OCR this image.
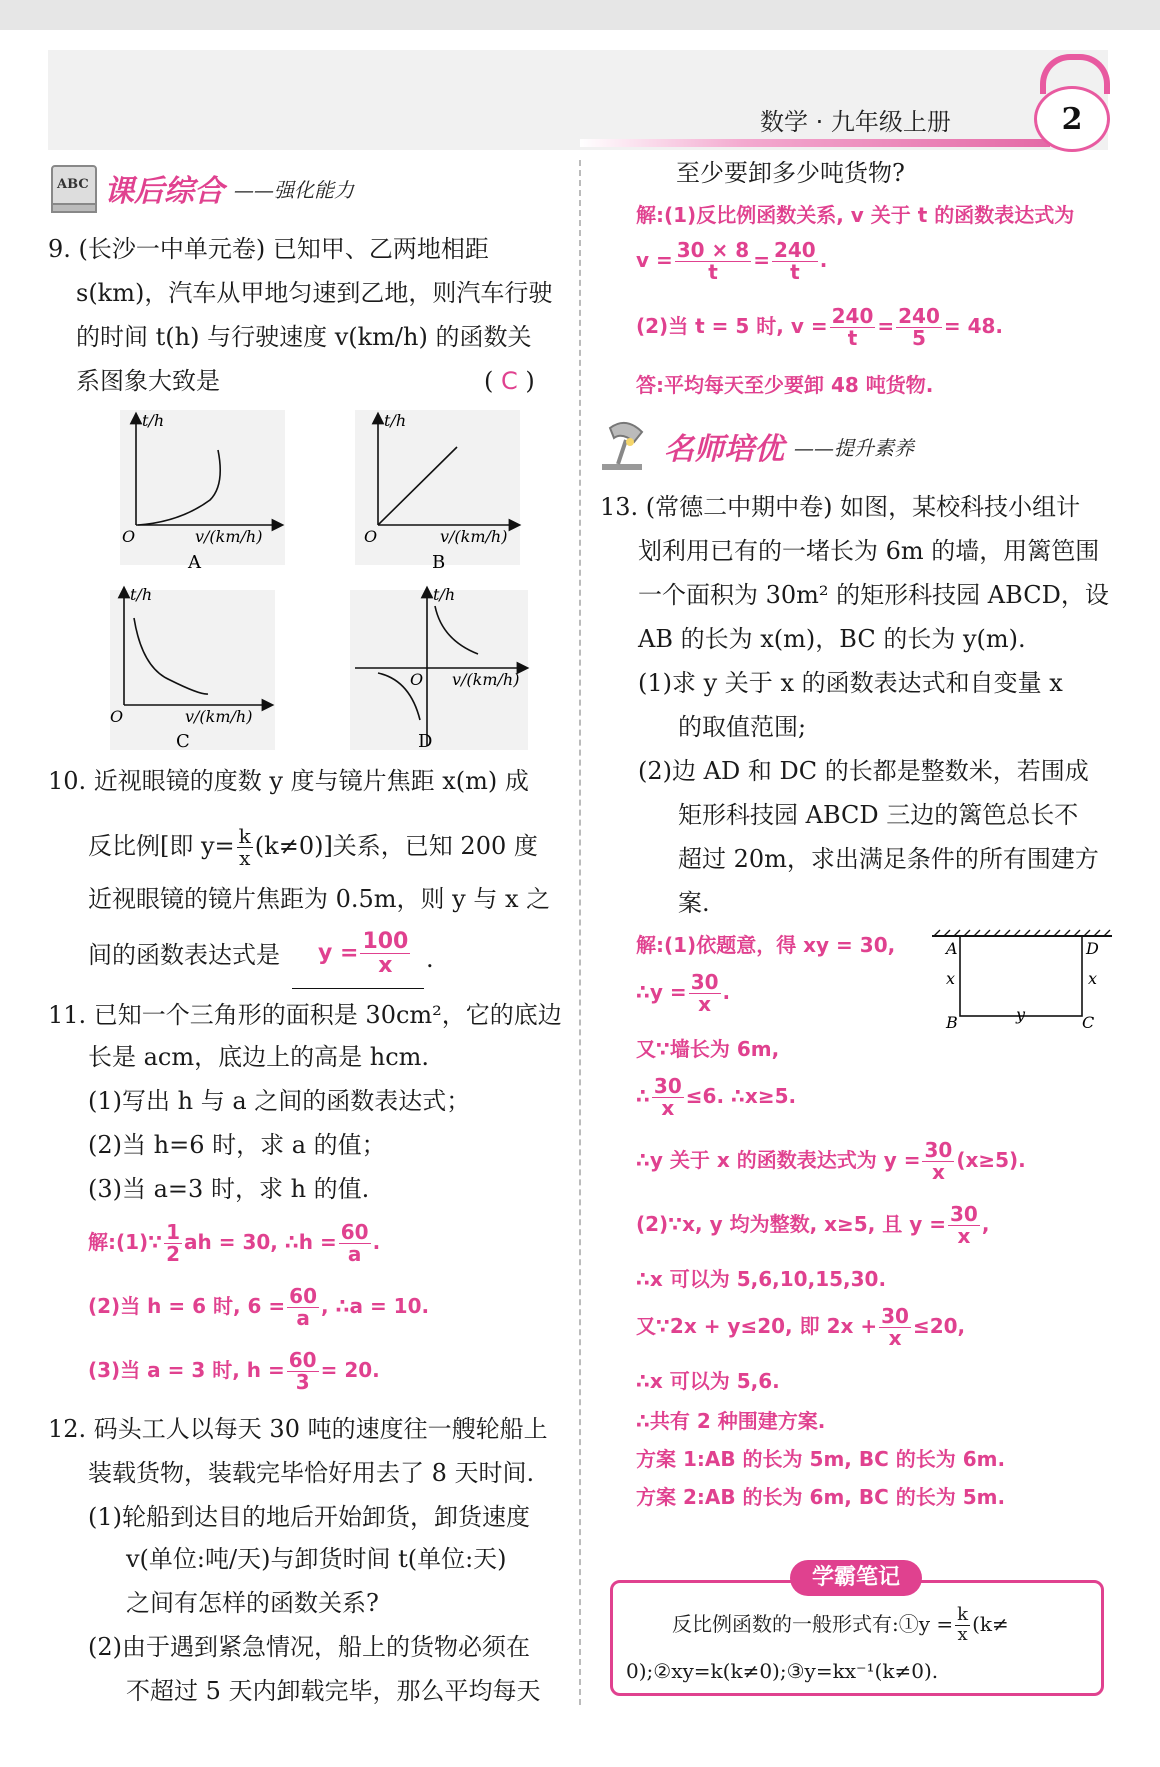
数学 · 九年级上册	2
ABC 课后综合 ——强化能力
9. (长沙一中单元卷) 已知甲、乙两地相距
s(km)，汽车从甲地匀速到乙地，则汽车行驶
的时间 t(h) 与行驶速度 v(km/h) 的函数关
系图象大致是	( C )
t/h
O	v/(km/h)
A
t/h
O	v/(km/h)
B
t/h
O	v/(km/h)
C
t/h
O v/(km/h)
D
10. 近视眼镜的度数 y 度与镜片焦距 x(m) 成
反比例[即 $y= \frac{k}{x} (k\ne 0)$]关系，已知 200 度
近视眼镜的镜片焦距为 0.5m，则 y 与 x 之
间的函数表达式是 $y = \frac{100}{x}$ .
11. 已知一个三角形的面积是 30cm²，它的底边
长是 acm，底边上的高是 hcm.
(1)写出 h 与 a 之间的函数表达式；
(2)当 h=6 时，求 a 的值；
(3)当 a=3 时，求 h 的值.
解:(1)∵ $\frac{1}{2}$ ah = 30, ∴h = $\frac{60}{a}$ .
(2)当 h = 6 时, $6 = \frac{60}{a}$ , ∴a = 10.
(3)当 a = 3 时, $h = \frac{60}{3} = 20$.
12. 码头工人以每天 30 吨的速度往一艘轮船上
装载货物，装载完毕恰好用去了 8 天时间.
(1)轮船到达目的地后开始卸货，卸货速度
v(单位:吨/天)与卸货时间 t(单位:天)
之间有怎样的函数关系?
(2)由于遇到紧急情况，船上的货物必须在
不超过 5 天内卸载完毕，那么平均每天
至少要卸多少吨货物?
解:(1)反比例函数关系, v 关于 t 的函数表达式为
$v = \frac{30 \times 8}{t} = \frac{240}{t}$ .
(2)当 t = 5 时, $v = \frac{240}{t} = \frac{240}{5} = 48$.
答:平均每天至少要卸 48 吨货物.
名师培优 ——提升素养
13. (常德二中期中卷) 如图，某校科技小组计
划利用已有的一堵长为 6m 的墙，用篱笆围
一个面积为 30m² 的矩形科技园 ABCD，设
AB 的长为 x(m)，BC 的长为 y(m).
(1)求 y 关于 x 的函数表达式和自变量 x
的取值范围;
(2)边 AD 和 DC 的长都是整数米，若围成
矩形科技园 ABCD 三边的篱笆总长不
超过 20m，求出满足条件的所有围建方
案.
A	D
B	C
x	x
y
解:(1)依题意，得 xy = 30,
∴y = $\frac{30}{x}$ .
又∵墙长为 6m,
∴ $\frac{30}{x} \le 6$. ∴x≥5.
∴y 关于 x 的函数表达式为 $y = \frac{30}{x} (x\ge 5)$.
(2)∵x, y 均为整数, x≥5, 且 $y = \frac{30}{x}$ ,
∴x 可以为 5,6,10,15,30.
又∵2x + y≤20, 即 $2x + \frac{30}{x} \le 20$,
∴x 可以为 5,6.
∴共有 2 种围建方案.
方案 1:AB 的长为 5m, BC 的长为 6m.
方案 2:AB 的长为 6m, BC 的长为 5m.
学霸笔记
反比例函数的一般形式有:①y = $\frac{k}{x} (k\ne$
0);②xy=k(k≠0);③y=kx⁻¹(k≠0).
